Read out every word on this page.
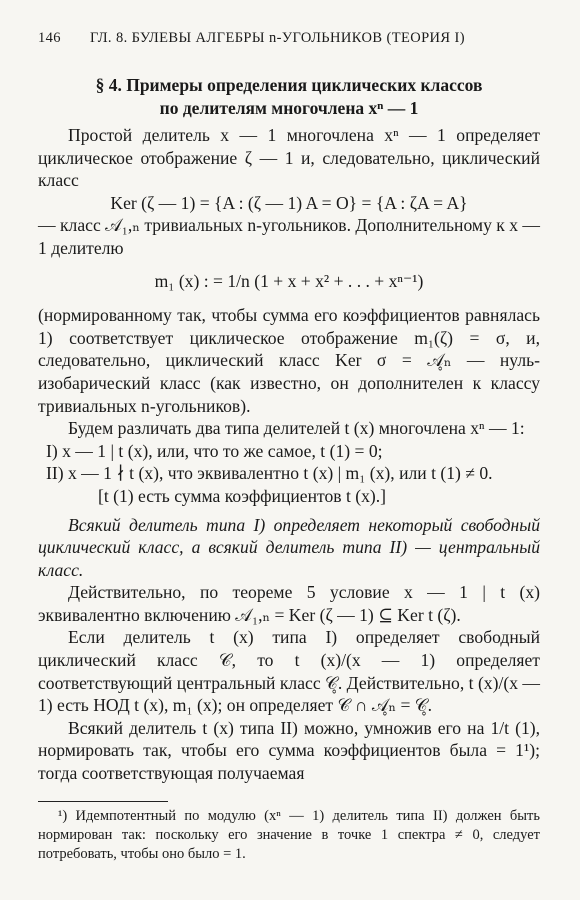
146	ГЛ. 8. БУЛЕВЫ АЛГЕБРЫ n-УГОЛЬНИКОВ (ТЕОРИЯ I)
§ 4. Примеры определения циклических классов
по делителям многочлена xⁿ — 1

Простой делитель x — 1 многочлена xⁿ — 1 определяет циклическое отображение ζ — 1 и, следовательно, циклический класс

Ker (ζ — 1) = {A : (ζ — 1) A = O} = {A : ζA = A}

— класс 𝒜₁,ₙ тривиальных n-угольников. Дополнительному к x — 1 делителю

m₁ (x) : = 1/n (1 + x + x² + . . . + xⁿ⁻¹)

(нормированному так, чтобы сумма его коэффициентов равнялась 1) соответствует циклическое отображение m₁(ζ) = σ, и, следовательно, циклический класс Ker σ = 𝒜̥ₙ — нуль-изобарический класс (как известно, он дополнителен к классу тривиальных n-угольников).

Будем различать два типа делителей t (x) многочлена xⁿ — 1:

I) x — 1 | t (x), или, что то же самое, t (1) = 0;

II) x — 1 ∤ t (x), что эквивалентно t (x) | m₁ (x), или t (1) ≠ 0.

[t (1) есть сумма коэффициентов t (x).]

Всякий делитель типа I) определяет некоторый свободный циклический класс, а всякий делитель типа II) — центральный класс.

Действительно, по теореме 5 условие x — 1 | t (x) эквивалентно включению 𝒜₁,ₙ = Ker (ζ — 1) ⊆ Ker t (ζ).

Если делитель t (x) типа I) определяет свободный циклический класс 𝒞, то t (x)/(x — 1) определяет соответствующий центральный класс 𝒞̥. Действительно, t (x)/(x — 1) есть НОД t (x), m₁ (x); он определяет 𝒞 ∩ 𝒜̥ₙ = 𝒞̥.

Всякий делитель t (x) типа II) можно, умножив его на 1/t (1), нормировать так, чтобы его сумма коэффициентов была = 1¹); тогда соответствующая получаемая

¹) Идемпотентный по модулю (xⁿ — 1) делитель типа II) должен быть нормирован так: поскольку его значение в точке 1 спектра ≠ 0, следует потребовать, чтобы оно было = 1.
